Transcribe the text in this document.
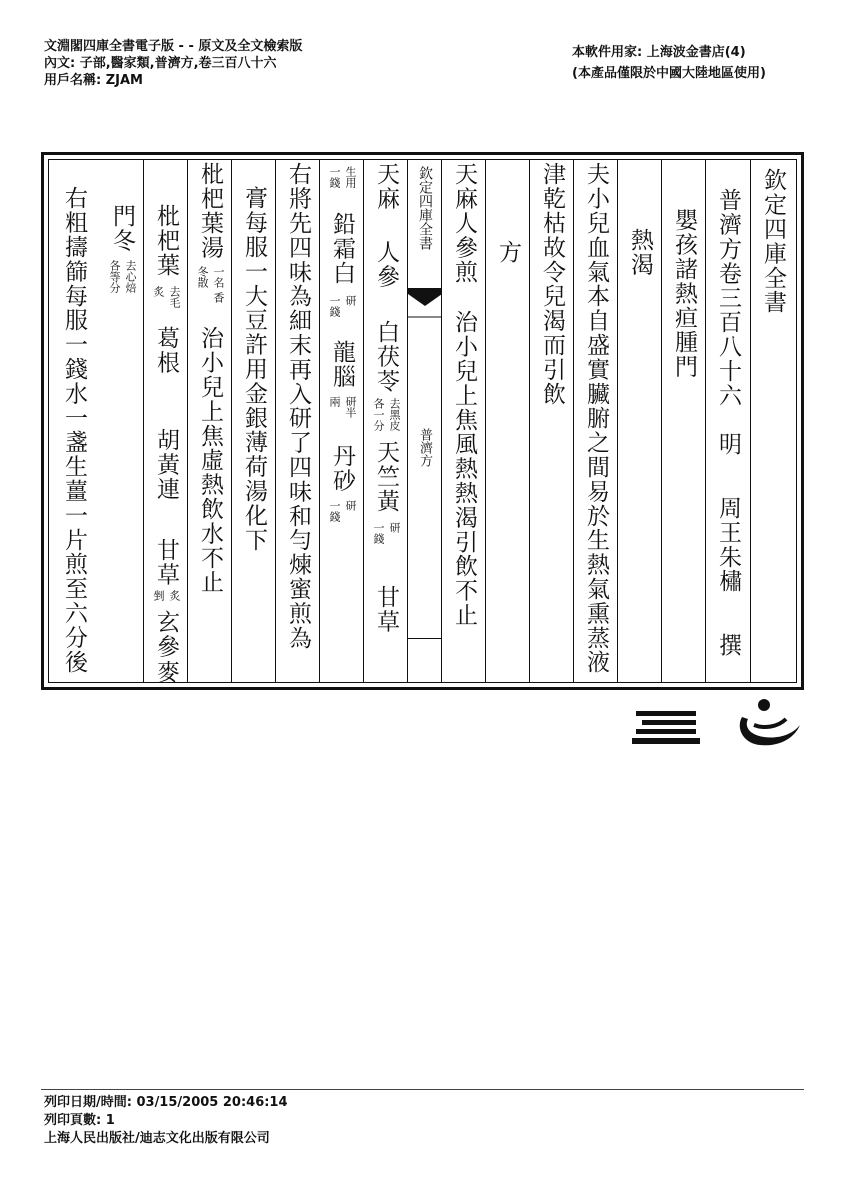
文淵閣四庫全書電子版 - - 原文及全文檢索版
內文: 子部,醫家類,普濟方,卷三百八十六
用戶名稱: ZJAM
本軟件用家: 上海波金書店(4)
(本產品僅限於中國大陸地區使用)
欽定四庫全書
普濟方卷三百八十六
明 周王朱橚 撰
嬰孩諸熱疸腫門
熱渴
夫小兒血氣本自盛實臟腑之間易於生熱氣熏蒸液
津乾枯故令兒渴而引飲
方
天麻人參煎
治小兒上焦風熱熱渴引飲不止
欽定四庫全書
普濟方
天麻
人參
白茯苓
去黑皮
各一分
天竺黃
研
一錢
甘草
生用
一錢
鉛霜白
研
一錢
龍腦
研半
兩
丹砂
研
一錢
右將先四味為細末再入研了四味和勻煉蜜煎為
膏每服一大豆許用金銀薄荷湯化下
枇杷葉湯
一名
冬散
香
治小兒上焦虛熱飲水不止
枇杷葉
去毛
炙
葛根
胡黃連
甘草
炙
剉
玄參
麥
門冬
去心焙
各等分
右粗擣篩每服一錢水一盞生薑一片煎至六分後
列印日期/時間: 03/15/2005 20:46:14
列印頁數: 1
上海人民出版社/迪志文化出版有限公司
